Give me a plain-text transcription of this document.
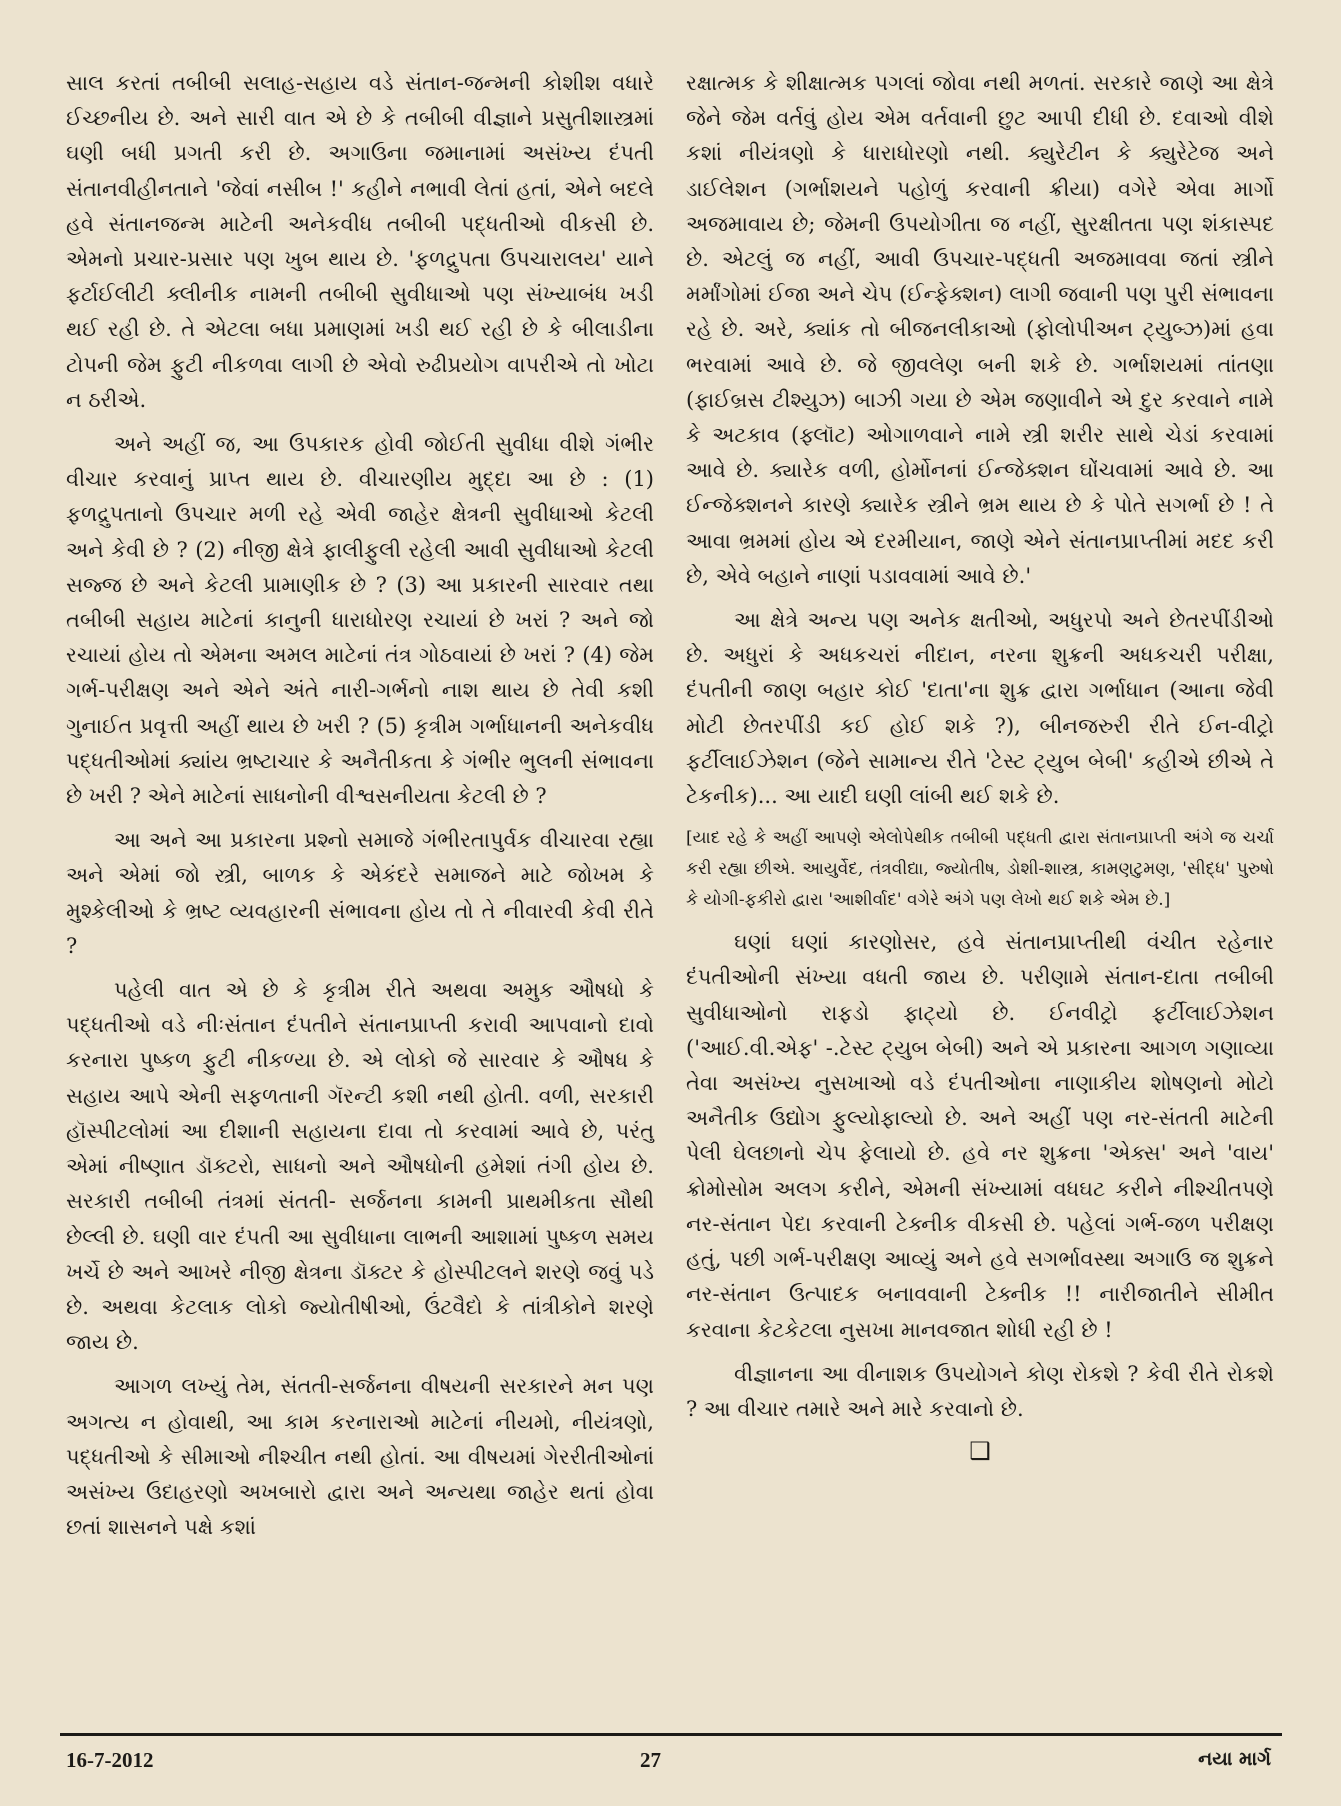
સાલ કરતાં તબીબી સલાહ-સહાય વડે સંતાન-જન્મની કોશીશ વધારે ઈચ્છનીય છે. અને સારી વાત એ છે કે તબીબી વીજ્ઞાને પ્રસુતીશાસ્ત્રમાં ઘણી બધી પ્રગતી કરી છે. અગાઉના જમાનામાં અસંખ્ય દંપતી સંતાનવીહીનતાને 'જેવાં નસીબ !' કહીને નભાવી લેતાં હતાં, એને બદલે હવે સંતાનજન્મ માટેની અનેકવીધ તબીબી પદ્ધતીઓ વીકસી છે. એમનો પ્રચાર-પ્રસાર પણ ખુબ થાય છે. 'ફળદ્રુપતા ઉપચારાલય' યાને ફર્ટાઈલીટી ક્લીનીક નામની તબીબી સુવીધાઓ પણ સંખ્યાબંધ ખડી થઈ રહી છે. તે એટલા બધા પ્રમાણમાં ખડી થઈ રહી છે કે બીલાડીના ટોપની જેમ ફુટી નીકળવા લાગી છે એવો રુઢીપ્રયોગ વાપરીએ તો ખોટા ન ઠરીએ.

અને અહીં જ, આ ઉપકારક હોવી જોઈતી સુવીધા વીશે ગંભીર વીચાર કરવાનું પ્રાપ્ત થાય છે. વીચારણીય મુદ્દા આ છે : (1) ફળદ્રુપતાનો ઉપચાર મળી રહે એવી જાહેર ક્ષેત્રની સુવીધાઓ કેટલી અને કેવી છે ? (2) નીજી ક્ષેત્રે ફાલીફુલી રહેલી આવી સુવીધાઓ કેટલી સજ્જ છે અને કેટલી પ્રામાણીક છે ? (3) આ પ્રકારની સારવાર તથા તબીબી સહાય માટેનાં કાનુની ધારાધોરણ રચાયાં છે ખરાં ? અને જો રચાયાં હોય તો એમના અમલ માટેનાં તંત્ર ગોઠવાયાં છે ખરાં ? (4) જેમ ગર્ભ-પરીક્ષણ અને એને અંતે નારી-ગર્ભનો નાશ થાય છે તેવી કશી ગુનાઈત પ્રવૃત્તી અહીં થાય છે ખરી ? (5) કૃત્રીમ ગર્ભાધાનની અનેકવીધ પદ્ધતીઓમાં ક્યાંય ભ્રષ્ટાચાર કે અનૈતીકતા કે ગંભીર ભુલની સંભાવના છે ખરી ? એને માટેનાં સાધનોની વીશ્વસનીયતા કેટલી છે ?

આ અને આ પ્રકારના પ્રશ્નો સમાજે ગંભીરતાપુર્વક વીચારવા રહ્યા અને એમાં જો સ્ત્રી, બાળક કે એકંદરે સમાજને માટે જોખમ કે મુશ્કેલીઓ કે ભ્રષ્ટ વ્યવહારની સંભાવના હોય તો તે નીવારવી કેવી રીતે ?

પહેલી વાત એ છે કે કૃત્રીમ રીતે અથવા અમુક ઔષધો કે પદ્ધતીઓ વડે નીઃસંતાન દંપતીને સંતાનપ્રાપ્તી કરાવી આપવાનો દાવો કરનારા પુષ્કળ ફુટી નીકળ્યા છે. એ લોકો જે સારવાર કે ઔષધ કે સહાય આપે એની સફળતાની ગૅરન્ટી કશી નથી હોતી. વળી, સરકારી હૉસ્પીટલોમાં આ દીશાની સહાયના દાવા તો કરવામાં આવે છે, પરંતુ એમાં નીષ્ણાત ડૉક્ટરો, સાધનો અને ઔષધોની હમેશાં તંગી હોય છે. સરકારી તબીબી તંત્રમાં સંતતી- સર્જનના કામની પ્રાથમીકતા સૌથી છેલ્લી છે. ઘણી વાર દંપતી આ સુવીધાના લાભની આશામાં પુષ્કળ સમય ખર્ચે છે અને આખરે નીજી ક્ષેત્રના ડૉક્ટર કે હોસ્પીટલને શરણે જવું પડે છે. અથવા કેટલાક લોકો જ્યોતીષીઓ, ઉંટવૈદો કે તાંત્રીકોને શરણે જાય છે.

આગળ લખ્યું તેમ, સંતતી-સર્જનના વીષયની સરકારને મન પણ અગત્ય ન હોવાથી, આ કામ કરનારાઓ માટેનાં નીયમો, નીયંત્રણો, પદ્ધતીઓ કે સીમાઓ નીશ્ચીત નથી હોતાં. આ વીષયમાં ગેરરીતીઓનાં અસંખ્ય ઉદાહરણો અખબારો દ્વારા અને અન્યથા જાહેર થતાં હોવા છતાં શાસનને પક્ષે કશાં

રક્ષાત્મક કે શીક્ષાત્મક પગલાં જોવા નથી મળતાં. સરકારે જાણે આ ક્ષેત્રે જેને જેમ વર્તવું હોય એમ વર્તવાની છુટ આપી દીધી છે. દવાઓ વીશે કશાં નીયંત્રણો કે ધારાધોરણો નથી. ક્યુરેટીન કે ક્યુરેટેજ અને ડાઈલેશન (ગર્ભાશયને પહોળું કરવાની ક્રીયા) વગેરે એવા માર્ગો અજમાવાય છે; જેમની ઉપયોગીતા જ નહીં, સુરક્ષીતતા પણ શંકાસ્પદ છે. એટલું જ નહીં, આવી ઉપચાર-પદ્ધતી અજમાવવા જતાં સ્ત્રીને મર્માંગોમાં ઈજા અને ચેપ (ઈન્ફેક્શન) લાગી જવાની પણ પુરી સંભાવના રહે છે. અરે, ક્યાંક તો બીજનલીકાઓ (ફોલોપીઅન ટ્યુબ્ઝ)માં હવા ભરવામાં આવે છે. જે જીવલેણ બની શકે છે. ગર્ભાશયમાં તાંતણા (ફાઈબ્રસ ટીશ્યુઝ) બાઝી ગયા છે એમ જણાવીને એ દુર કરવાને નામે કે અટકાવ (ફ્લૉટ) ઓગાળવાને નામે સ્ત્રી શરીર સાથે ચેડાં કરવામાં આવે છે. ક્યારેક વળી, હોર્મોનનાં ઈન્જેક્શન ઘોંચવામાં આવે છે. આ ઈન્જેક્શનને કારણે ક્યારેક સ્ત્રીને ભ્રમ થાય છે કે પોતે સગર્ભા છે ! તે આવા ભ્રમમાં હોય એ દરમીયાન, જાણે એને સંતાનપ્રાપ્તીમાં મદદ કરી છે, એવે બહાને નાણાં પડાવવામાં આવે છે.'

આ ક્ષેત્રે અન્ય પણ અનેક ક્ષતીઓ, અધુરપો અને છેતરપીંડીઓ છે. અધુરાં કે અધકચરાં નીદાન, નરના શુક્રની અધકચરી પરીક્ષા, દંપતીની જાણ બહાર કોઈ 'દાતા'ના શુક્ર દ્વારા ગર્ભાધાન (આના જેવી મોટી છેતરપીંડી કઈ હોઈ શકે ?), બીનજરુરી રીતે ઈન-વીટ્રો ફર્ટીલાઈઝેશન (જેને સામાન્ય રીતે 'ટેસ્ટ ટ્યુબ બેબી' કહીએ છીએ તે ટેકનીક)... આ યાદી ઘણી લાંબી થઈ શકે છે.

[યાદ રહે કે અહીં આપણે એલોપેથીક તબીબી પદ્ધતી દ્વારા સંતાનપ્રાપ્તી અંગે જ ચર્ચા કરી રહ્યા છીએ. આયુર્વેદ, તંત્રવીદ્યા, જ્યોતીષ, ડોશી-શાસ્ત્ર, કામણટુમણ, 'સીદ્ધ' પુરુષો કે યોગી-ફકીરો દ્વારા 'આશીર્વાદ' વગેરે અંગે પણ લેખો થઈ શકે એમ છે.]

ઘણાં ઘણાં કારણોસર, હવે સંતાનપ્રાપ્તીથી વંચીત રહેનાર દંપતીઓની સંખ્યા વધતી જાય છે. પરીણામે સંતાન-દાતા તબીબી સુવીધાઓનો રાફડો ફાટ્યો છે. ઈનવીટ્રો ફર્ટીલાઈઝેશન ('આઈ.વી.એફ' -.ટેસ્ટ ટ્યુબ બેબી) અને એ પ્રકારના આગળ ગણાવ્યા તેવા અસંખ્ય નુસખાઓ વડે દંપતીઓના નાણાકીય શોષણનો મોટો અનૈતીક ઉદ્યોગ ફુલ્યોફાલ્યો છે. અને અહીં પણ નર-સંતતી માટેની પેલી ઘેલછાનો ચેપ ફેલાયો છે. હવે નર શુક્રના 'એક્સ' અને 'વાય' ક્રોમોસોમ અલગ કરીને, એમની સંખ્યામાં વધઘટ કરીને નીશ્ચીતપણે નર-સંતાન પેદા કરવાની ટેક્નીક વીકસી છે. પહેલાં ગર્ભ-જળ પરીક્ષણ હતું, પછી ગર્ભ-પરીક્ષણ આવ્યું અને હવે સગર્ભાવસ્થા અગાઉ જ શુક્રને નર-સંતાન ઉત્પાદક બનાવવાની ટેક્નીક !! નારીજાતીને સીમીત કરવાના કેટકેટલા નુસખા માનવજાત શોધી રહી છે !

વીજ્ઞાનના આ વીનાશક ઉપયોગને કોણ રોકશે ? કેવી રીતે રોકશે ? આ વીચાર તમારે અને મારે કરવાનો છે.

❑
16-7-2012	27	નયા માર્ગ
